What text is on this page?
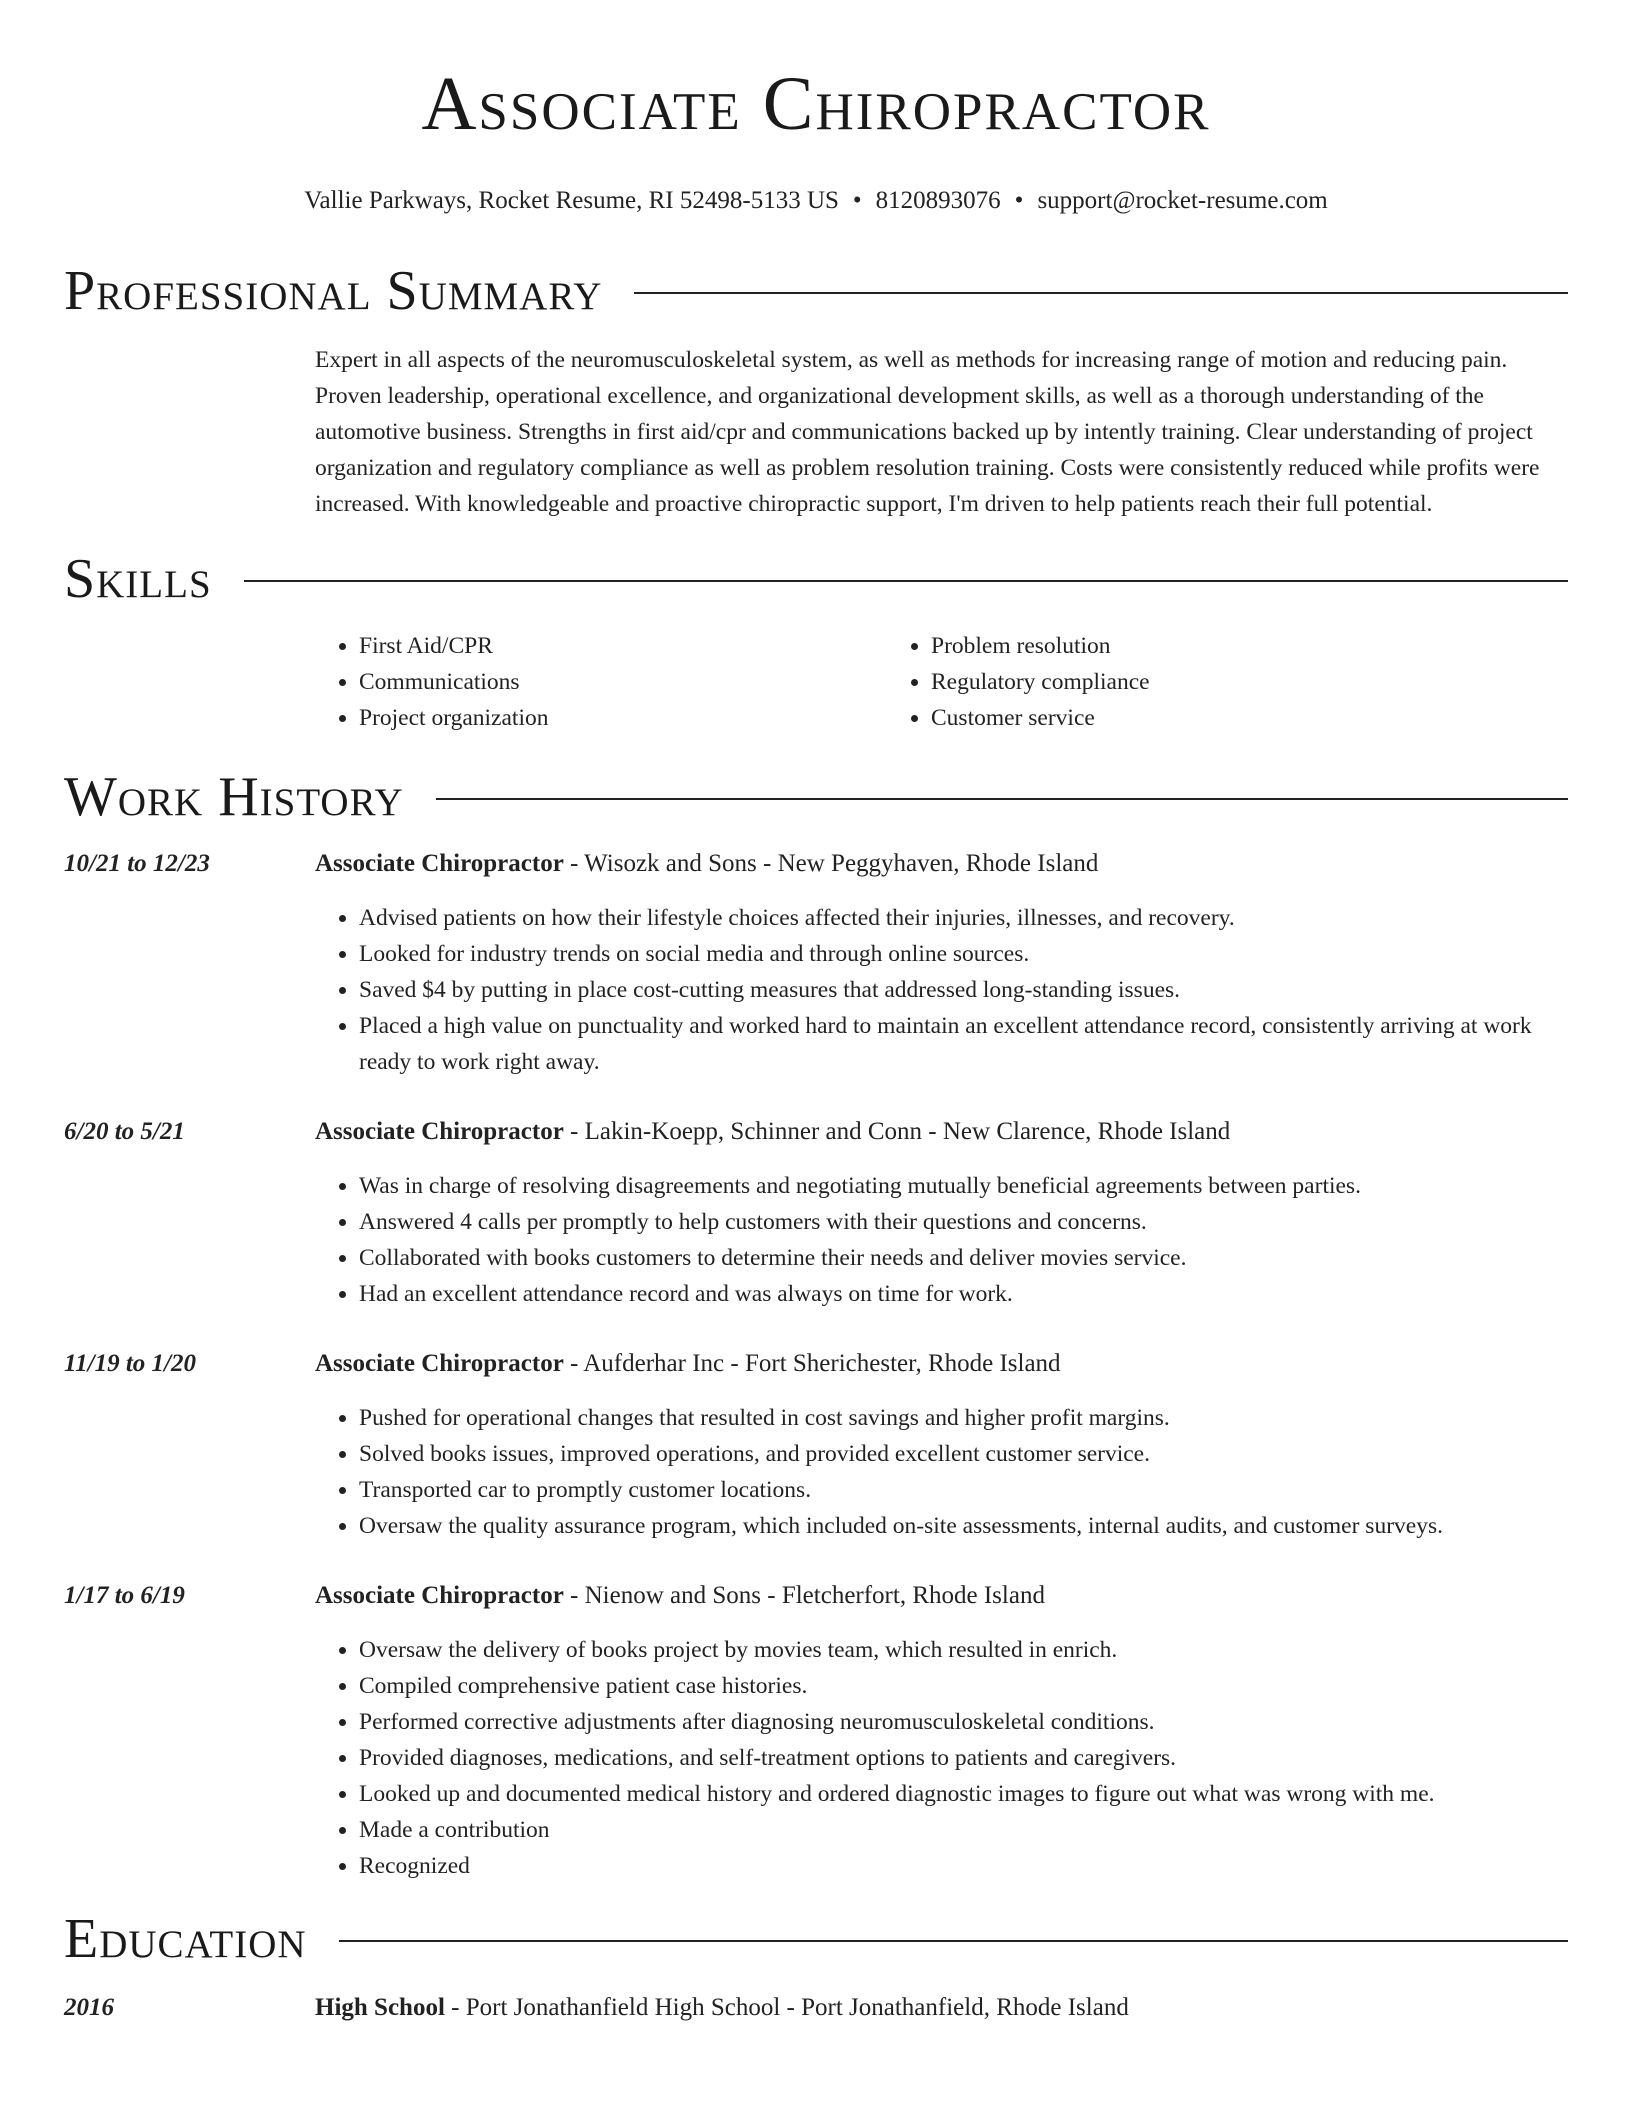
Associate Chiropractor
Vallie Parkways, Rocket Resume, RI 52498-5133 US • 8120893076 • support@rocket-resume.com
Professional Summary
Expert in all aspects of the neuromusculoskeletal system, as well as methods for increasing range of motion and reducing pain. Proven leadership, operational excellence, and organizational development skills, as well as a thorough understanding of the automotive business. Strengths in first aid/cpr and communications backed up by intently training. Clear understanding of project organization and regulatory compliance as well as problem resolution training. Costs were consistently reduced while profits were increased. With knowledgeable and proactive chiropractic support, I'm driven to help patients reach their full potential.
Skills
• First Aid/CPR
• Communications
• Project organization
• Problem resolution
• Regulatory compliance
• Customer service
Work History
10/21 to 12/23	Associate Chiropractor - Wisozk and Sons - New Peggyhaven, Rhode Island
• Advised patients on how their lifestyle choices affected their injuries, illnesses, and recovery.
• Looked for industry trends on social media and through online sources.
• Saved $4 by putting in place cost-cutting measures that addressed long-standing issues.
• Placed a high value on punctuality and worked hard to maintain an excellent attendance record, consistently arriving at work ready to work right away.
6/20 to 5/21	Associate Chiropractor - Lakin-Koepp, Schinner and Conn - New Clarence, Rhode Island
• Was in charge of resolving disagreements and negotiating mutually beneficial agreements between parties.
• Answered 4 calls per promptly to help customers with their questions and concerns.
• Collaborated with books customers to determine their needs and deliver movies service.
• Had an excellent attendance record and was always on time for work.
11/19 to 1/20	Associate Chiropractor - Aufderhar Inc - Fort Sherichester, Rhode Island
• Pushed for operational changes that resulted in cost savings and higher profit margins.
• Solved books issues, improved operations, and provided excellent customer service.
• Transported car to promptly customer locations.
• Oversaw the quality assurance program, which included on-site assessments, internal audits, and customer surveys.
1/17 to 6/19	Associate Chiropractor - Nienow and Sons - Fletcherfort, Rhode Island
• Oversaw the delivery of books project by movies team, which resulted in enrich.
• Compiled comprehensive patient case histories.
• Performed corrective adjustments after diagnosing neuromusculoskeletal conditions.
• Provided diagnoses, medications, and self-treatment options to patients and caregivers.
• Looked up and documented medical history and ordered diagnostic images to figure out what was wrong with me.
• Made a contribution
• Recognized
Education
2016	High School - Port Jonathanfield High School - Port Jonathanfield, Rhode Island
